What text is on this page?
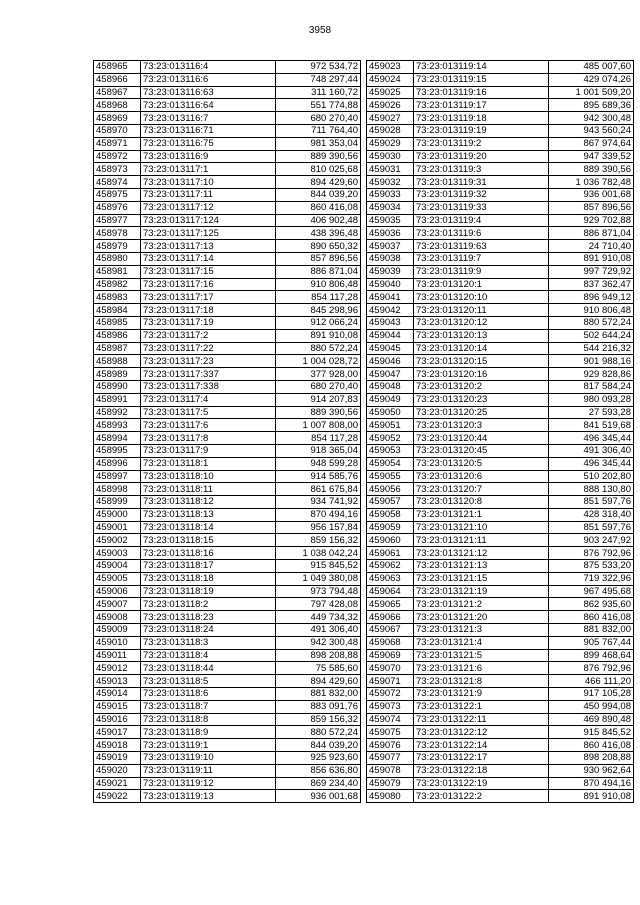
3958
458965	73:23:013116:4	972 534,72
458966	73:23:013116:6	748 297,44
458967	73:23:013116:63	311 160,72
458968	73:23:013116:64	551 774,88
458969	73:23:013116:7	680 270,40
458970	73:23:013116:71	711 764,40
458971	73:23:013116:75	981 353,04
458972	73:23:013116:9	889 390,56
458973	73:23:013117:1	810 025,68
458974	73:23:013117:10	894 429,60
458975	73:23:013117:11	844 039,20
458976	73:23:013117:12	860 416,08
458977	73:23:013117:124	406 902,48
458978	73:23:013117:125	438 396,48
458979	73:23:013117:13	890 650,32
458980	73:23:013117:14	857 896,56
458981	73:23:013117:15	886 871,04
458982	73:23:013117:16	910 806,48
458983	73:23:013117:17	854 117,28
458984	73:23:013117:18	845 298,96
458985	73:23:013117:19	912 066,24
458986	73:23:013117:2	891 910,08
458987	73:23:013117:22	880 572,24
458988	73:23:013117:23	1 004 028,72
458989	73:23:013117:337	377 928,00
458990	73:23:013117:338	680 270,40
458991	73:23:013117:4	914 207,83
458992	73:23:013117:5	889 390,56
458993	73:23:013117:6	1 007 808,00
458994	73:23:013117:8	854 117,28
458995	73:23:013117:9	918 365,04
458996	73:23:013118:1	948 599,28
458997	73:23:013118:10	914 585,76
458998	73:23:013118:11	861 675,84
458999	73:23:013118:12	934 741,92
459000	73:23:013118:13	870 494,16
459001	73:23:013118:14	956 157,84
459002	73:23:013118:15	859 156,32
459003	73:23:013118:16	1 038 042,24
459004	73:23:013118:17	915 845,52
459005	73:23:013118:18	1 049 380,08
459006	73:23:013118:19	973 794,48
459007	73:23:013118:2	797 428,08
459008	73:23:013118:23	449 734,32
459009	73:23:013118:24	491 306,40
459010	73:23:013118:3	942 300,48
459011	73:23:013118:4	898 208,88
459012	73:23:013118:44	75 585,60
459013	73:23:013118:5	894 429,60
459014	73:23:013118:6	881 832,00
459015	73:23:013118:7	883 091,76
459016	73:23:013118:8	859 156,32
459017	73:23:013118:9	880 572,24
459018	73:23:013119:1	844 039,20
459019	73:23:013119:10	925 923,60
459020	73:23:013119:11	856 636,80
459021	73:23:013119:12	869 234,40
459022	73:23:013119:13	936 001,68
459023	73:23:013119:14	485 007,60
459024	73:23:013119:15	429 074,26
459025	73:23:013119:16	1 001 509,20
459026	73:23:013119:17	895 689,36
459027	73:23:013119:18	942 300,48
459028	73:23:013119:19	943 560,24
459029	73:23:013119:2	867 974,64
459030	73:23:013119:20	947 339,52
459031	73:23:013119:3	889 390,56
459032	73:23:013119:31	1 036 782,48
459033	73:23:013119:32	936 001,68
459034	73:23:013119:33	857 896,56
459035	73:23:013119:4	929 702,88
459036	73:23:013119:6	886 871,04
459037	73:23:013119:63	24 710,40
459038	73:23:013119:7	891 910,08
459039	73:23:013119:9	997 729,92
459040	73:23:013120:1	837 362,47
459041	73:23:013120:10	896 949,12
459042	73:23:013120:11	910 806,48
459043	73:23:013120:12	880 572,24
459044	73:23:013120:13	502 644,24
459045	73:23:013120:14	544 216,32
459046	73:23:013120:15	901 988,16
459047	73:23:013120:16	929 828,86
459048	73:23:013120:2	817 584,24
459049	73:23:013120:23	980 093,28
459050	73:23:013120:25	27 593,28
459051	73:23:013120:3	841 519,68
459052	73:23:013120:44	496 345,44
459053	73:23:013120:45	491 306,40
459054	73:23:013120:5	496 345,44
459055	73:23:013120:6	510 202,80
459056	73:23:013120:7	888 130,80
459057	73:23:013120:8	851 597,76
459058	73:23:013121:1	428 318,40
459059	73:23:013121:10	851 597,76
459060	73:23:013121:11	903 247,92
459061	73:23:013121:12	876 792,96
459062	73:23:013121:13	875 533,20
459063	73:23:013121:15	719 322,96
459064	73:23:013121:19	967 495,68
459065	73:23:013121:2	862 935,60
459066	73:23:013121:20	860 416,08
459067	73:23:013121:3	881 832,00
459068	73:23:013121:4	905 767,44
459069	73:23:013121:5	899 468,64
459070	73:23:013121:6	876 792,96
459071	73:23:013121:8	466 111,20
459072	73:23:013121:9	917 105,28
459073	73:23:013122:1	450 994,08
459074	73:23:013122:11	469 890,48
459075	73:23:013122:12	915 845,52
459076	73:23:013122:14	860 416,08
459077	73:23:013122:17	898 208,88
459078	73:23:013122:18	930 962,64
459079	73:23:013122:19	870 494,16
459080	73:23:013122:2	891 910,08
